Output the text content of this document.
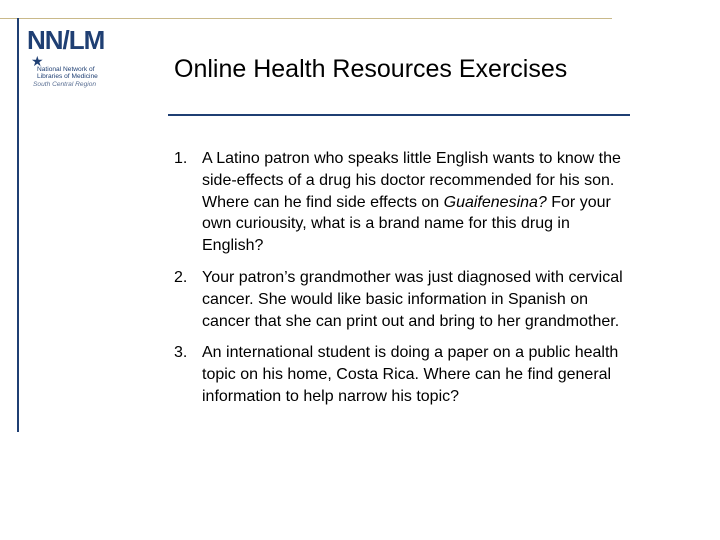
NN/LM
★
National Network of
Libraries of Medicine
South Central Region
Online Health Resources Exercises
1. A Latino patron who speaks little English wants to know the side-effects of a drug his doctor recommended for his son. Where can he find side effects on Guaifenesina? For your own curiousity, what is a brand name for this drug in English?
2. Your patron’s grandmother was just diagnosed with cervical cancer. She would like basic information in Spanish on cancer that she can print out and bring to her grandmother.
3. An international student is doing a paper on a public health topic on his home, Costa Rica. Where can he find general information to help narrow his topic?
